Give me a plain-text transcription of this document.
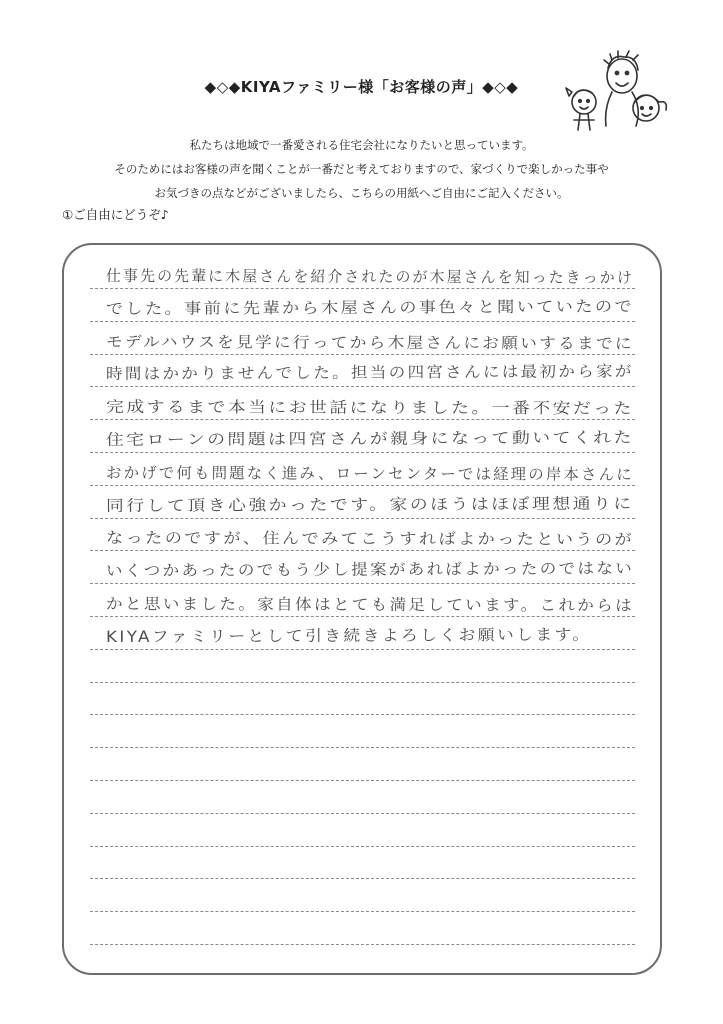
◆◇◆KIYAファミリー様「お客様の声」◆◇◆
私たちは地域で一番愛される住宅会社になりたいと思っています。
そのためにはお客様の声を聞くことが一番だと考えておりますので、家づくりで楽しかった事や
お気づきの点などがございましたら、こちらの用紙へご自由にご記入ください。
①ご自由にどうぞ♪
仕事先の先輩に木屋さんを紹介されたのが木屋さんを知ったきっかけ
でした。事前に先輩から木屋さんの事色々と聞いていたので
モデルハウスを見学に行ってから木屋さんにお願いするまでに
時間はかかりませんでした。担当の四宮さんには最初から家が
完成するまで本当にお世話になりました。一番不安だった
住宅ローンの問題は四宮さんが親身になって動いてくれた
おかげで何も問題なく進み、ローンセンターでは経理の岸本さんに
同行して頂き心強かったです。家のほうはほぼ理想通りに
なったのですが、住んでみてこうすればよかったというのが
いくつかあったのでもう少し提案があればよかったのではない
かと思いました。家自体はとても満足しています。これからは
KIYAファミリーとして引き続きよろしくお願いします。
